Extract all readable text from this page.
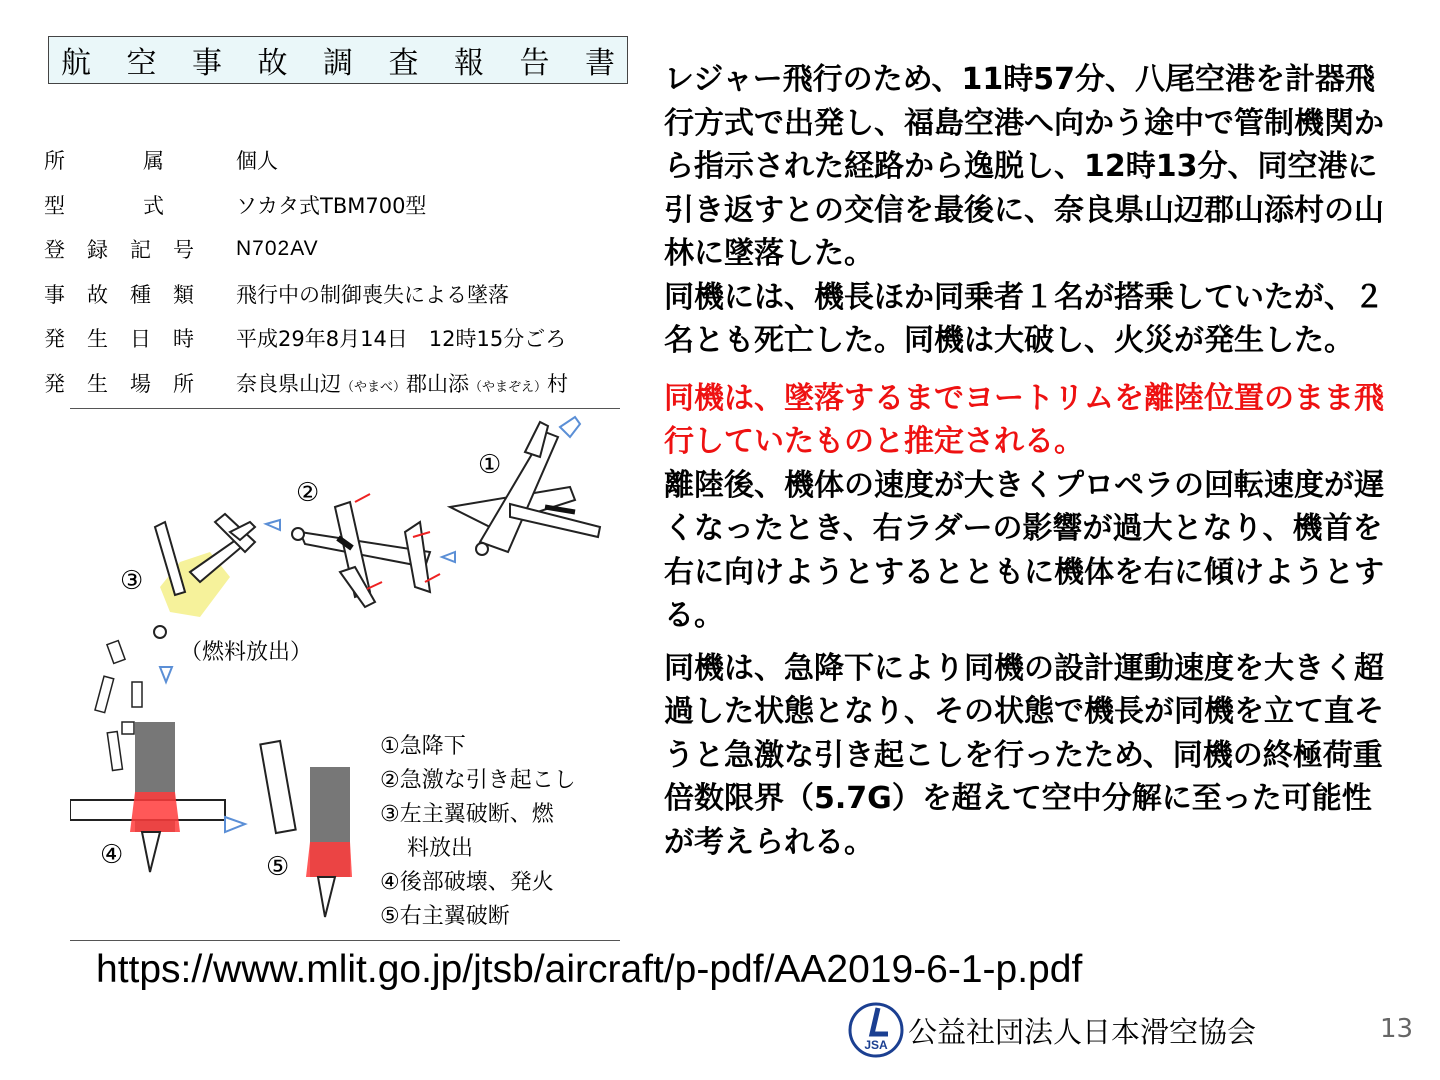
航 空 事 故 調 査 報 告 書
所	属	個人
型	式	ソカタ式TBM700型
登 録 記 号 N702AV
事 故 種 類 飛行中の制御喪失による墜落
発 生 日 時 平成29年8月14日　12時15分ごろ
発 生 場 所 奈良県山辺（やまべ）郡山添（やまぞえ）村
①
②
③
④	⑤
（燃料放出）
①急降下
②急激な引き起こし
③左主翼破断、燃
料放出
④後部破壊、発火
⑤右主翼破断

レジャー飛行のため、11時57分、八尾空港を計器飛行方式で出発し、福島空港へ向かう途中で管制機関から指示された経路から逸脱し、12時13分、同空港に引き返すとの交信を最後に、奈良県山辺郡山添村の山林に墜落した。

同機には、機長ほか同乗者１名が搭乗していたが、２名とも死亡した。同機は大破し、火災が発生した。

同機は、墜落するまでヨートリムを離陸位置のまま飛行していたものと推定される。

離陸後、機体の速度が大きくプロペラの回転速度が遅くなったとき、右ラダーの影響が過大となり、機首を右に向けようとするとともに機体を右に傾けようとする。

同機は、急降下により同機の設計運動速度を大きく超過した状態となり、その状態で機長が同機を立て直そうと急激な引き起こしを行ったため、同機の終極荷重倍数限界（5.7G）を超えて空中分解に至った可能性が考えられる。

https://www.mlit.go.jp/jtsb/aircraft/p-pdf/AA2019-6-1-p.pdf
JSA 公益社団法人日本滑空協会	13
